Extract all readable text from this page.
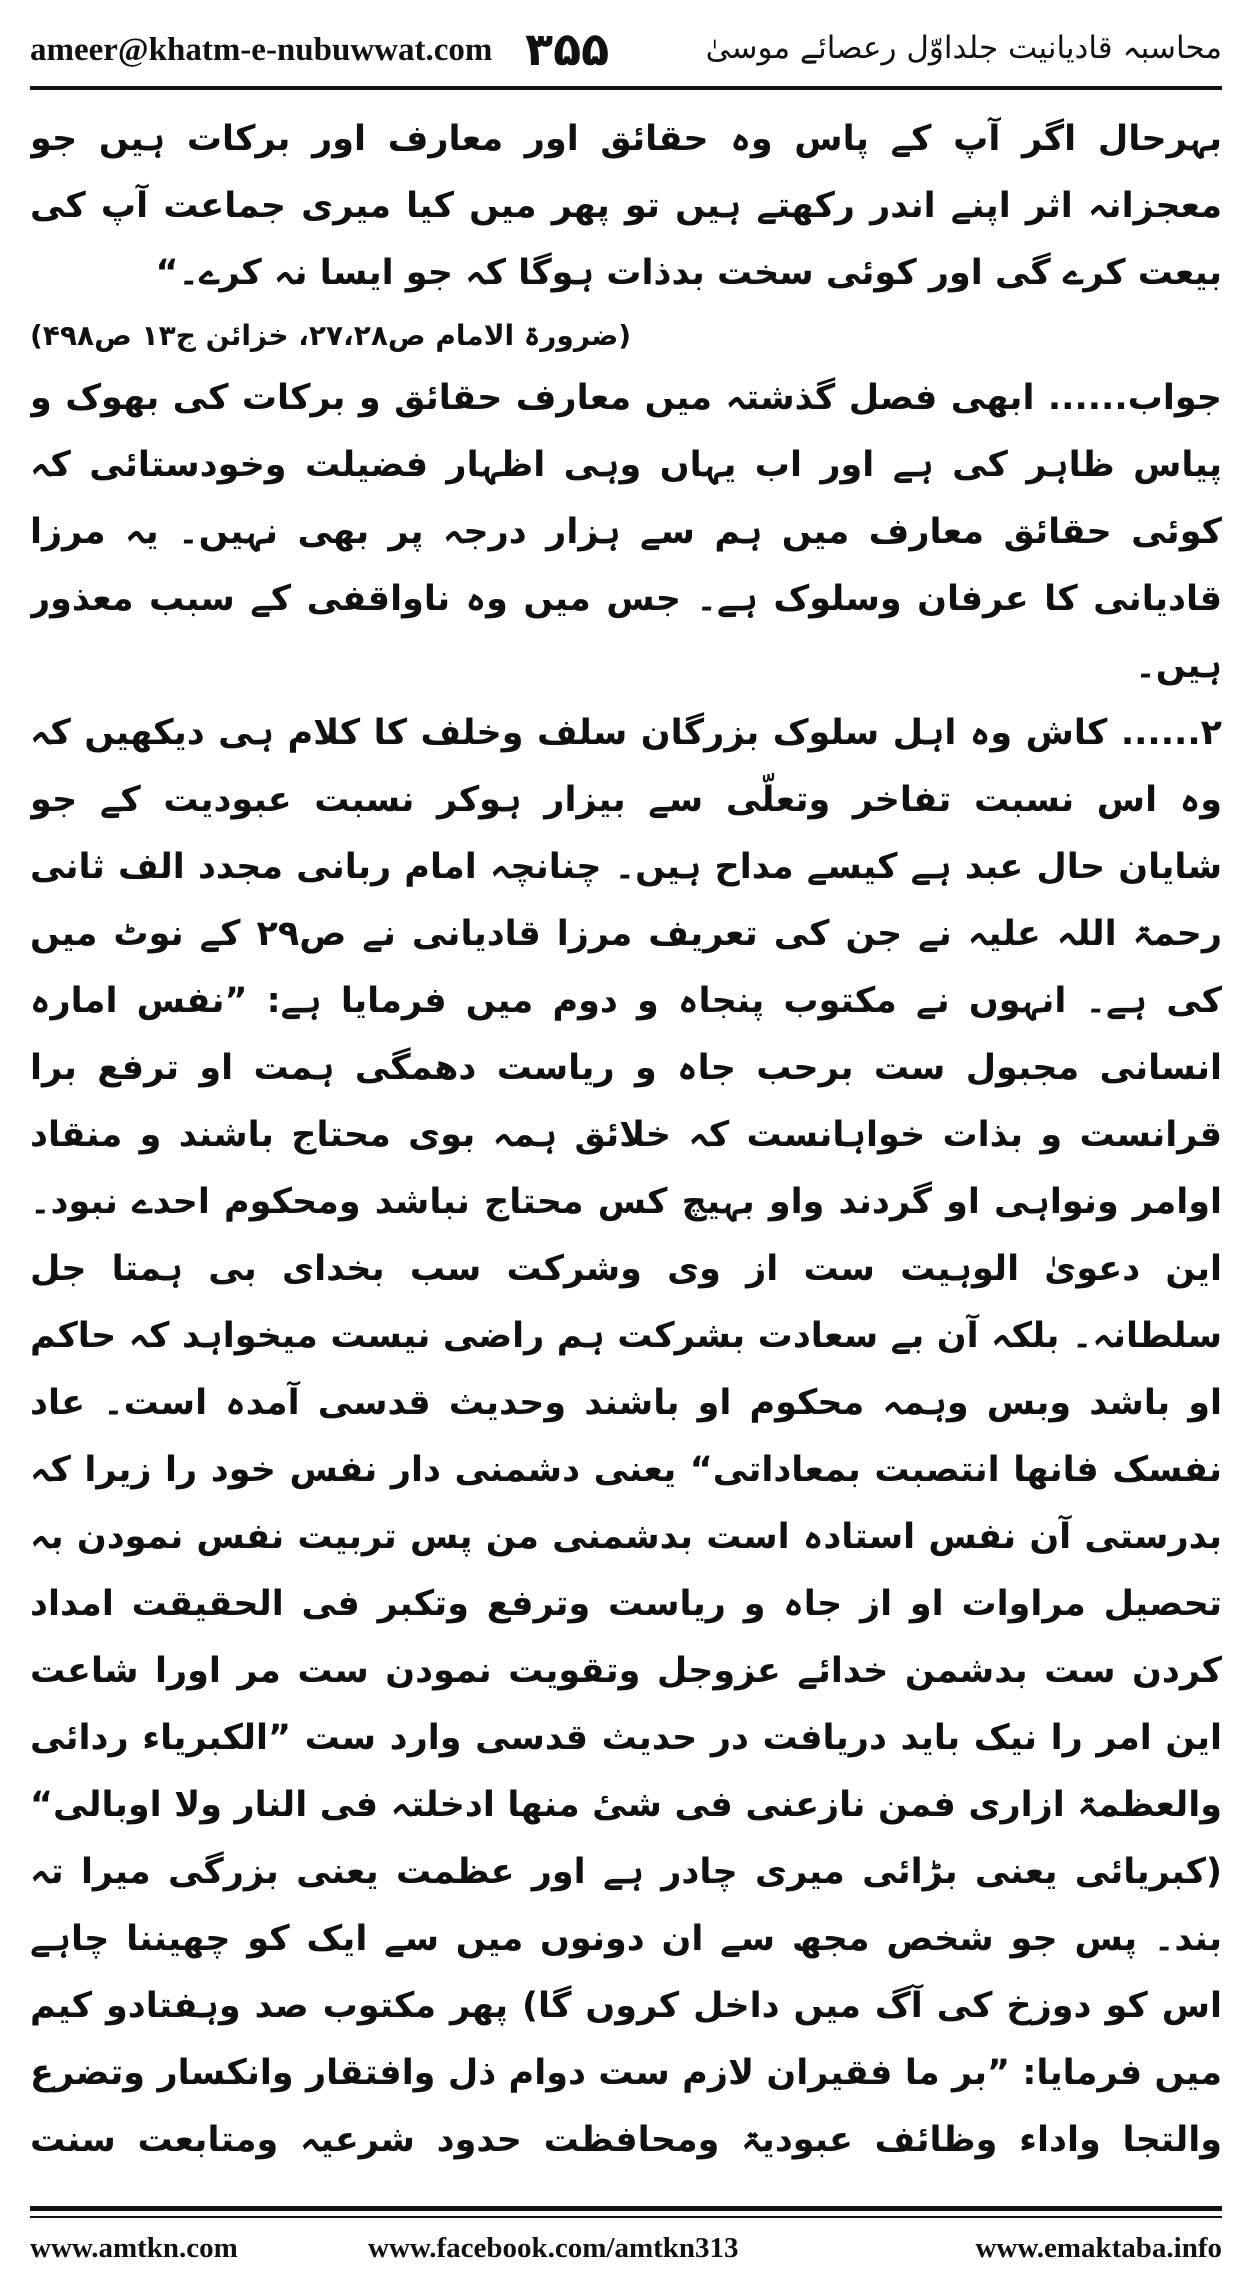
ameer@khatm-e-nubuwwat.com ۳۵۵	محاسبہ قادیانیت جلداوّل رعصائے موسیٰ

بہرحال اگر آپ کے پاس وہ حقائق اور معارف اور برکات ہیں جو معجزانہ اثر اپنے اندر رکھتے ہیں تو پھر میں کیا میری جماعت آپ کی بیعت کرے گی اور کوئی سخت بدذات ہوگا کہ جو ایسا نہ کرے۔“

(ضرورۃ الامام ص۲۷،۲۸، خزائن ج۱۳ ص۴۹۸)

جواب...... ابھی فصل گذشتہ میں معارف حقائق و برکات کی بھوک و پیاس ظاہر کی ہے اور اب یہاں وہی اظہار فضیلت وخودستائی کہ کوئی حقائق معارف میں ہم سے ہزار درجہ پر بھی نہیں۔ یہ مرزا قادیانی کا عرفان وسلوک ہے۔ جس میں وہ ناواقفی کے سبب معذور ہیں۔

۲...... کاش وہ اہل سلوک بزرگان سلف وخلف کا کلام ہی دیکھیں کہ وہ اس نسبت تفاخر وتعلّی سے بیزار ہوکر نسبت عبودیت کے جو شایان حال عبد ہے کیسے مداح ہیں۔ چنانچہ امام ربانی مجدد الف ثانی رحمۃ اللہ علیہ نے جن کی تعریف مرزا قادیانی نے ص۲۹ کے نوٹ میں کی ہے۔ انہوں نے مکتوب پنجاہ و دوم میں فرمایا ہے: ”نفس امارہ انسانی مجبول ست برحب جاہ و ریاست دھمگی ہمت او ترفع برا قرانست و بذات خواہانست کہ خلائق ہمہ بوی محتاج باشند و منقاد اوامر ونواہی او گردند واو بہیچ کس محتاج نباشد ومحکوم احدے نبود۔ این دعویٰ الوہیت ست از وی وشرکت سب بخدای بی ہمتا جل سلطانہ۔ بلکہ آن بے سعادت بشرکت ہم راضی نیست میخواہد کہ حاکم او باشد وبس وہمہ محکوم او باشند وحدیث قدسی آمدہ است۔ عاد نفسک فانھا انتصبت بمعاداتی“ یعنی دشمنی دار نفس خود را زیرا کہ بدرستی آن نفس استادہ است بدشمنی من پس تربیت نفس نمودن بہ تحصیل مراوات او از جاہ و ریاست وترفع وتکبر فی الحقیقت امداد کردن ست بدشمن خدائے عزوجل وتقویت نمودن ست مر اورا شاعت این امر را نیک باید دریافت در حدیث قدسی وارد ست ”الکبریاء ردائی والعظمۃ ازاری فمن نازعنی فی شیٔ منھا ادخلتہ فی النار ولا اوبالی“ (کبریائی یعنی بڑائی میری چادر ہے اور عظمت یعنی بزرگی میرا تہ بند۔ پس جو شخص مجھ سے ان دونوں میں سے ایک کو چھیننا چاہے اس کو دوزخ کی آگ میں داخل کروں گا) پھر مکتوب صد وہفتادو کیم میں فرمایا: ”بر ما فقیران لازم ست دوام ذل وافتقار وانکسار وتضرع والتجا واداء وظائف عبودیۃ ومحافظت حدود شرعیہ ومتابعت سنت

www.amtkn.com	www.facebook.com/amtkn313	www.emaktaba.info
